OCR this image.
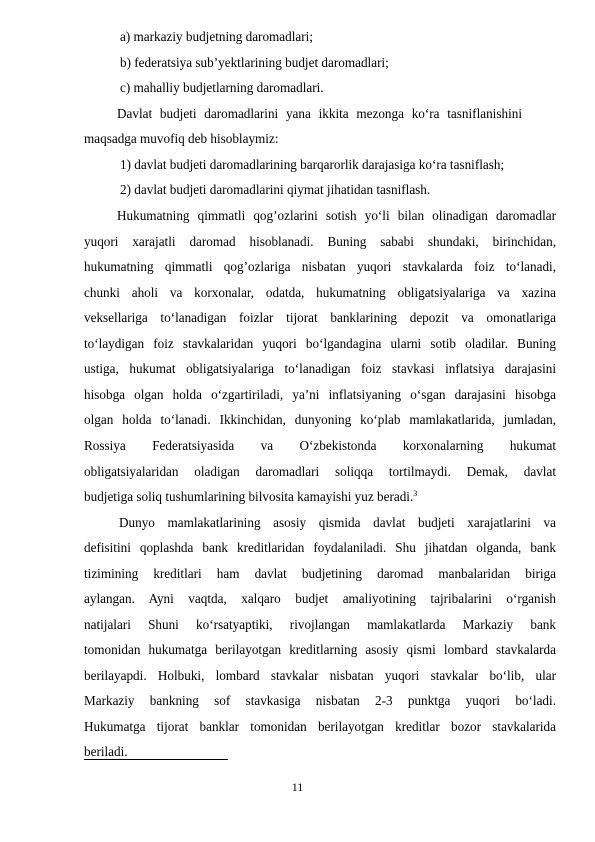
a) markaziy budjetning daromadlari;
b) federatsiya sub’yektlarining budjet daromadlari;
c) mahalliy budjetlarning daromadlari.
Davlat budjeti daromadlarini yana ikkita mezonga ko‘ra tasniflanishini
maqsadga muvofiq deb hisoblaymiz:
1) davlat budjeti daromadlarining barqarorlik darajasiga ko‘ra tasniflash;
2) davlat budjeti daromadlarini qiymat jihatidan tasniflash.
Hukumatning qimmatli qog’ozlarini sotish yo‘li bilan olinadigan daromadlar
yuqori xarajatli daromad hisoblanadi. Buning sababi shundaki, birinchidan,
hukumatning qimmatli qog’ozlariga nisbatan yuqori stavkalarda foiz to‘lanadi,
chunki aholi va korxonalar, odatda, hukumatning obligatsiyalariga va xazina
veksellariga to‘lanadigan foizlar tijorat banklarining depozit va omonatlariga
to‘laydigan foiz stavkalaridan yuqori bo‘lgandagina ularni sotib oladilar. Buning
ustiga, hukumat obligatsiyalariga to‘lanadigan foiz stavkasi inflatsiya darajasini
hisobga olgan holda o‘zgartiriladi, ya’ni inflatsiyaning o‘sgan darajasini hisobga
olgan holda to‘lanadi. Ikkinchidan, dunyoning ko‘plab mamlakatlarida, jumladan,
Rossiya Federatsiyasida va O‘zbekistonda korxonalarning hukumat
obligatsiyalaridan oladigan daromadlari soliqqa tortilmaydi. Demak, davlat
budjetiga soliq tushumlarining bilvosita kamayishi yuz beradi.$^3$
Dunyo mamlakatlarining asosiy qismida davlat budjeti xarajatlarini va
defisitini qoplashda bank kreditlaridan foydalaniladi. Shu jihatdan olganda, bank
tizimining kreditlari ham davlat budjetining daromad manbalaridan biriga
aylangan. Ayni vaqtda, xalqaro budjet amaliyotining tajribalarini o‘rganish
natijalari Shuni ko‘rsatyaptiki, rivojlangan mamlakatlarda Markaziy bank
tomonidan hukumatga berilayotgan kreditlarning asosiy qismi lombard stavkalarda
berilayapdi. Holbuki, lombard stavkalar nisbatan yuqori stavkalar bo‘lib, ular
Markaziy bankning sof stavkasiga nisbatan 2-3 punktga yuqori bo‘ladi.
Hukumatga tijorat banklar tomonidan berilayotgan kreditlar bozor stavkalarida
beriladi.
11
